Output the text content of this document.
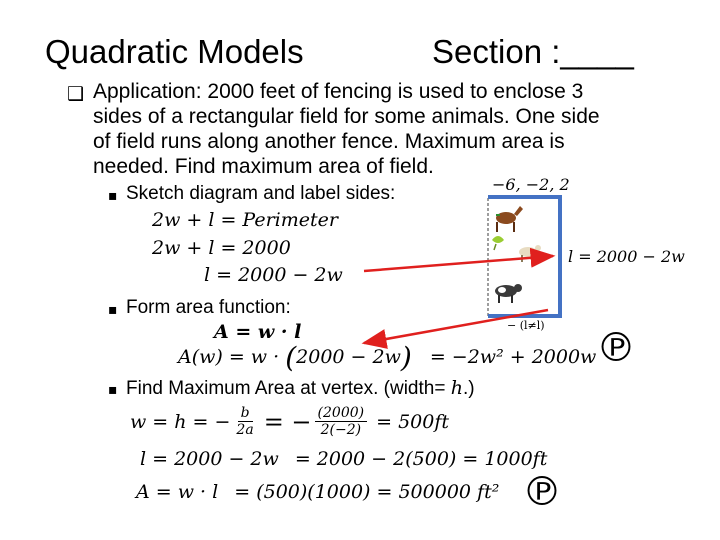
Quadratic Models	Section :____
❑ Application: 2000 feet of fencing is used to enclose 3
sides of a rectangular field for some animals. One side
of field runs along another fence. Maximum area is
needed. Find maximum area of field.
▪ Sketch diagram and label sides:
2w + l = Perimeter
2w + l = 2000
l = 2000 − 2w
▪ Form area function:
A = w · l
A(w) = w · (2000 − 2w) = −2w² + 2000w
▪ Find Maximum Area at vertex. (width= h.)
w = h = − $\frac{b}{2a}$ = − $\frac{(2000)}{2(-2)} = 500ft$
l = 2000 − 2w = 2000 − 2(500) = 1000ft
A = w · l = (500)(1000) = 500000 ft²
−6, −2, 2
l = 2000 − 2w
− (l≠l) ℗
℗
